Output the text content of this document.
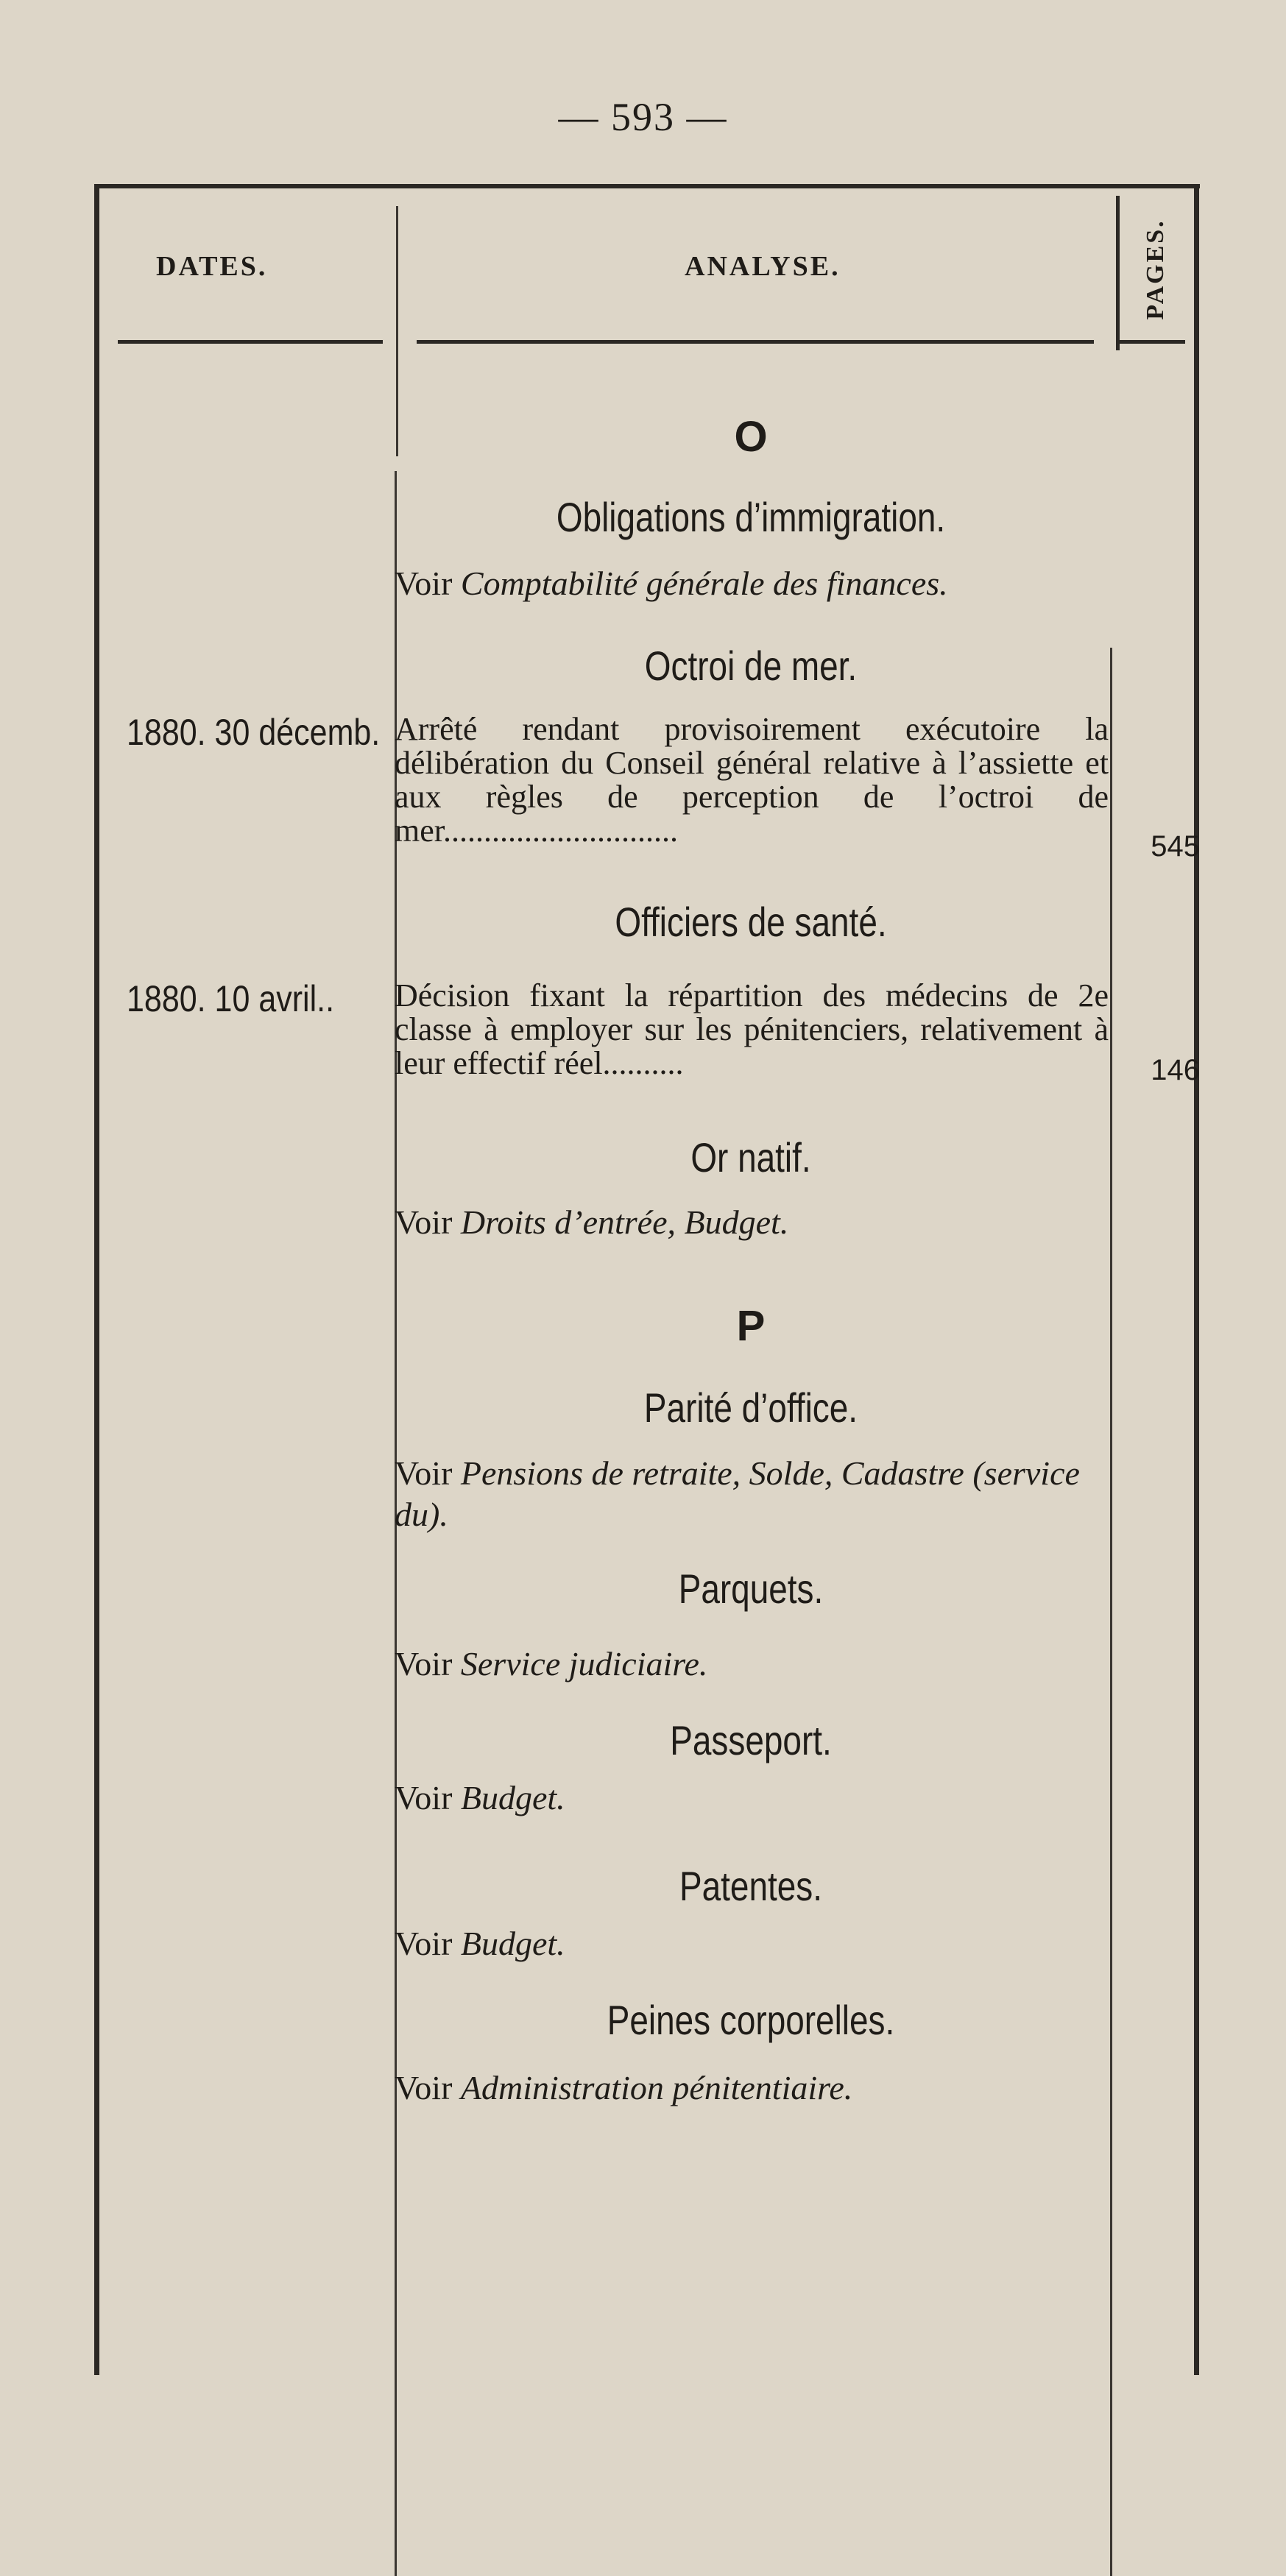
— 593 —
DATES.	ANALYSE.	PAGES.
O
Obligations d’immigration.
Voir Comptabilité générale des finances.
Octroi de mer.
1880. 30 décemb. Arrêté rendant provisoirement exécutoire la délibération du Conseil général relative à l’assiette et aux règles de perception de l’octroi de mer.............................	545
Officiers de santé.
1880. 10 avril.. Décision fixant la répartition des médecins de 2e classe à employer sur les pénitenciers, relativement à leur effectif réel..........	146
Or natif.
Voir Droits d’entrée, Budget.
P
Parité d’office.
Voir Pensions de retraite, Solde, Cadastre (service du).
Parquets.
Voir Service judiciaire.
Passeport.
Voir Budget.
Patentes.
Voir Budget.
Peines corporelles.
Voir Administration pénitentiaire.
